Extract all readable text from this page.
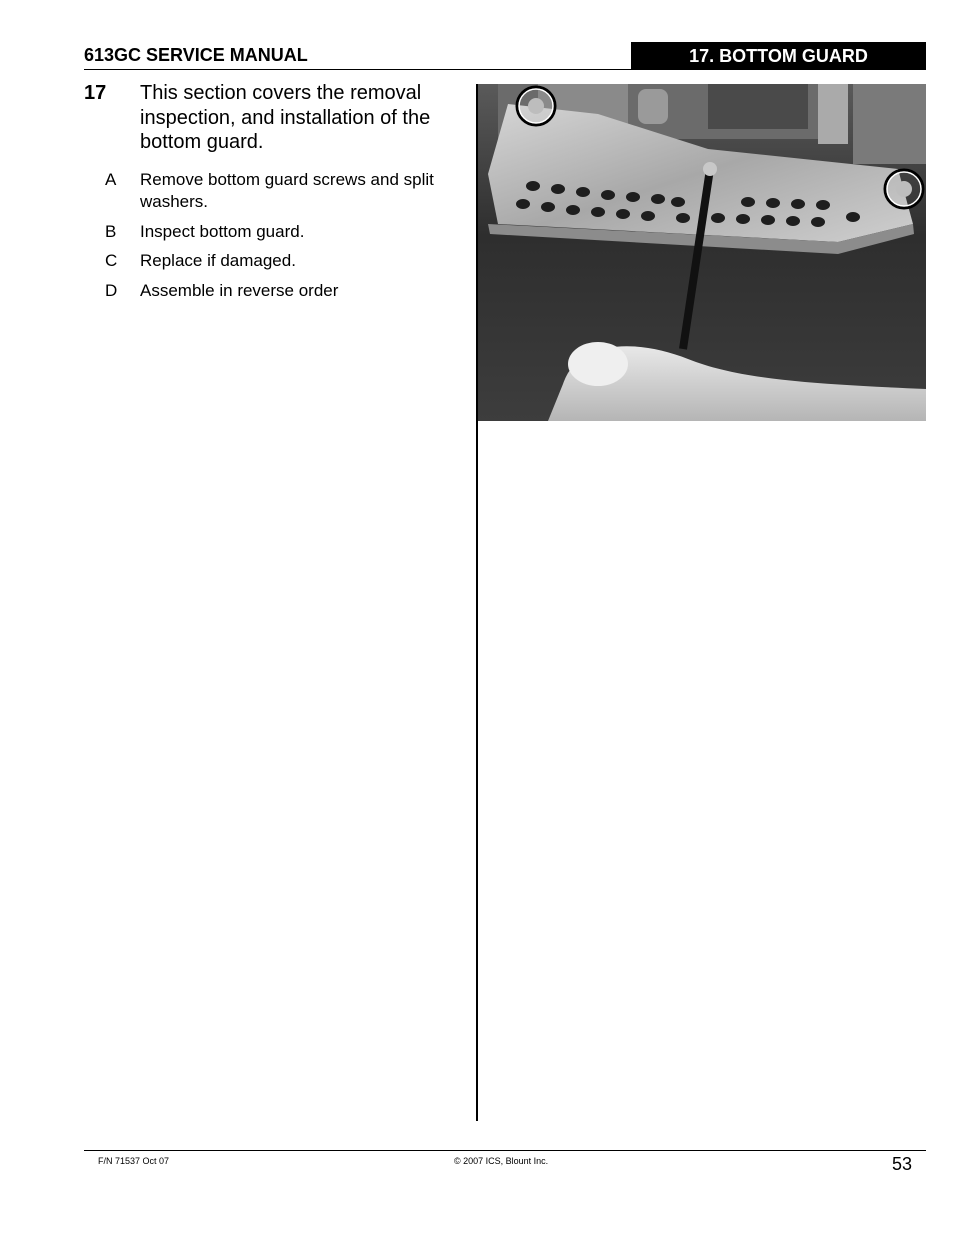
613GC SERVICE MANUAL	17. BOTTOM GUARD
17 This section covers the removal inspection, and installation of the bottom guard.
A Remove bottom guard screws and split washers.
B Inspect bottom guard.
C Replace if damaged.
D Assemble in reverse order
F/N 71537 Oct 07	© 2007 ICS, Blount Inc.	53
